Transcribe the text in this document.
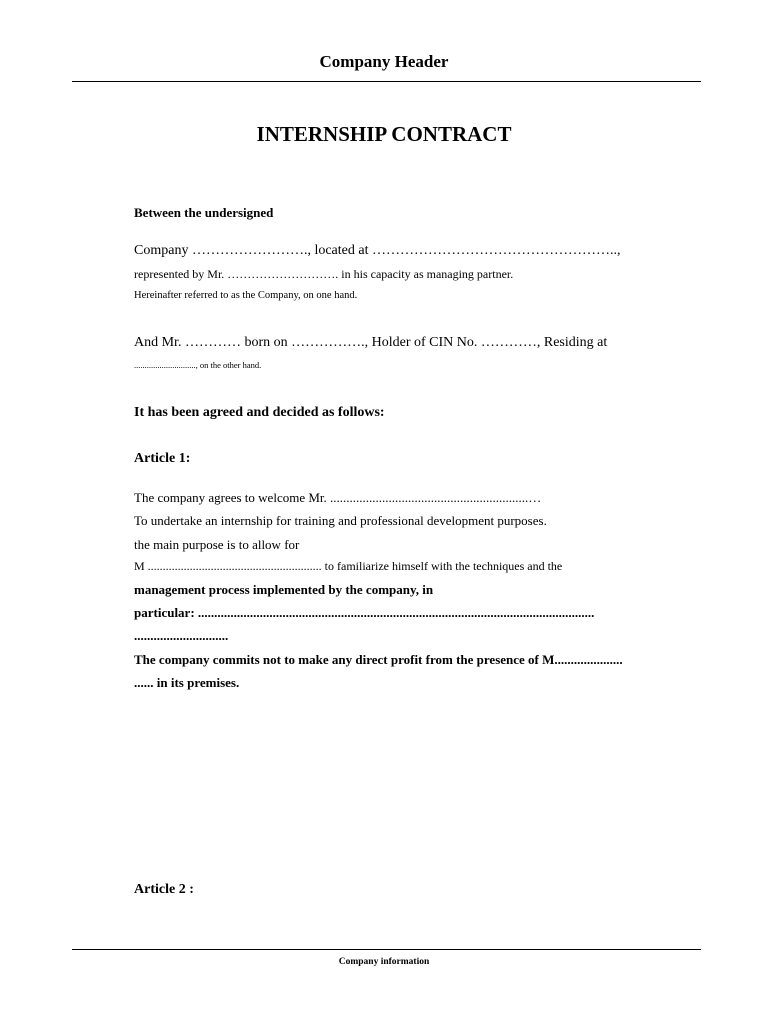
Company Header
INTERNSHIP CONTRACT
Between the undersigned
Company ……………………., located at ……………………………………………..,
represented by Mr. ………………………. in his capacity as managing partner.
Hereinafter referred to as the Company, on one hand.
And Mr. ………… born on ……………., Holder of CIN No. …………, Residing at
............................., on the other hand.
It has been agreed and decided as follows:
Article 1:
The company agrees to welcome Mr. .............................................................…
To undertake an internship for training and professional development purposes.
the main purpose is to allow for
M .......................................................... to familiarize himself with the techniques and the
management process implemented by the company, in
particular: ..........................................................................................................................
.............................
The company commits not to make any direct profit from the presence of M.....................
...... in its premises.
Article 2 :
Company information
